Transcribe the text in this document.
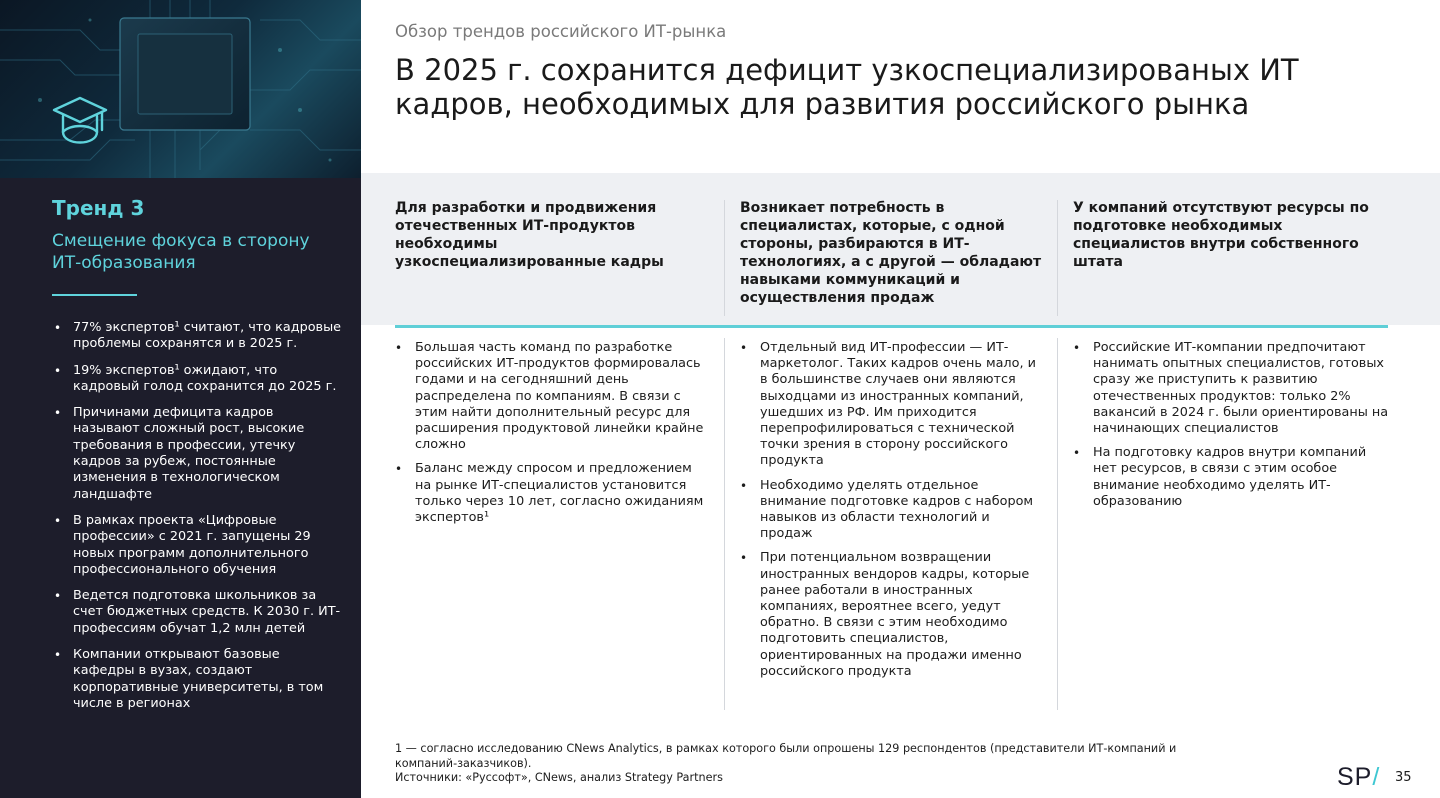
Тренд 3
Смещение фокуса в сторону ИТ-образования
• 77% экспертов¹ считают, что кадровые проблемы сохранятся и в 2025 г.
• 19% экспертов¹ ожидают, что кадровый голод сохранится до 2025 г.
• Причинами дефицита кадров называют сложный рост, высокие требования в профессии, утечку кадров за рубеж, постоянные изменения в технологическом ландшафте
• В рамках проекта «Цифровые профессии» с 2021 г. запущены 29 новых программ дополнительного профессионального обучения
• Ведется подготовка школьников за счет бюджетных средств. К 2030 г. ИТ-профессиям обучат 1,2 млн детей
• Компании открывают базовые кафедры в вузах, создают корпоративные университеты, в том числе в регионах
Обзор трендов российского ИТ-рынка
В 2025 г. сохранится дефицит узкоспециализированых ИТ кадров, необходимых для развития российского рынка
Для разработки и продвижения отечественных ИТ-продуктов необходимы узкоспециализированные кадры
Возникает потребность в специалистах, которые, с одной стороны, разбираются в ИТ-технологиях, а с другой — обладают навыками коммуникаций и осуществления продаж
У компаний отсутствуют ресурсы по подготовке необходимых специалистов внутри собственного штата
• Большая часть команд по разработке российских ИТ-продуктов формировалась годами и на сегодняшний день распределена по компаниям. В связи с этим найти дополнительный ресурс для расширения продуктовой линейки крайне сложно
• Баланс между спросом и предложением на рынке ИТ-специалистов установится только через 10 лет, согласно ожиданиям экспертов¹
• Отдельный вид ИТ-профессии — ИТ-маркетолог. Таких кадров очень мало, и в большинстве случаев они являются выходцами из иностранных компаний, ушедших из РФ. Им приходится перепрофилироваться с технической точки зрения в сторону российского продукта
• Необходимо уделять отдельное внимание подготовке кадров с набором навыков из области технологий и продаж
• При потенциальном возвращении иностранных вендоров кадры, которые ранее работали в иностранных компаниях, вероятнее всего, уедут обратно. В связи с этим необходимо подготовить специалистов, ориентированных на продажи именно российского продукта
• Российские ИТ-компании предпочитают нанимать опытных специалистов, готовых сразу же приступить к развитию отечественных продуктов: только 2% вакансий в 2024 г. были ориентированы на начинающих специалистов
• На подготовку кадров внутри компаний нет ресурсов, в связи с этим особое внимание необходимо уделять ИТ-образованию
1 — согласно исследованию CNews Analytics, в рамках которого были опрошены 129 респондентов (представители ИТ-компаний и компаний-заказчиков).
Источники: «Руссофт», CNews, анализ Strategy Partners	SP/ 35
